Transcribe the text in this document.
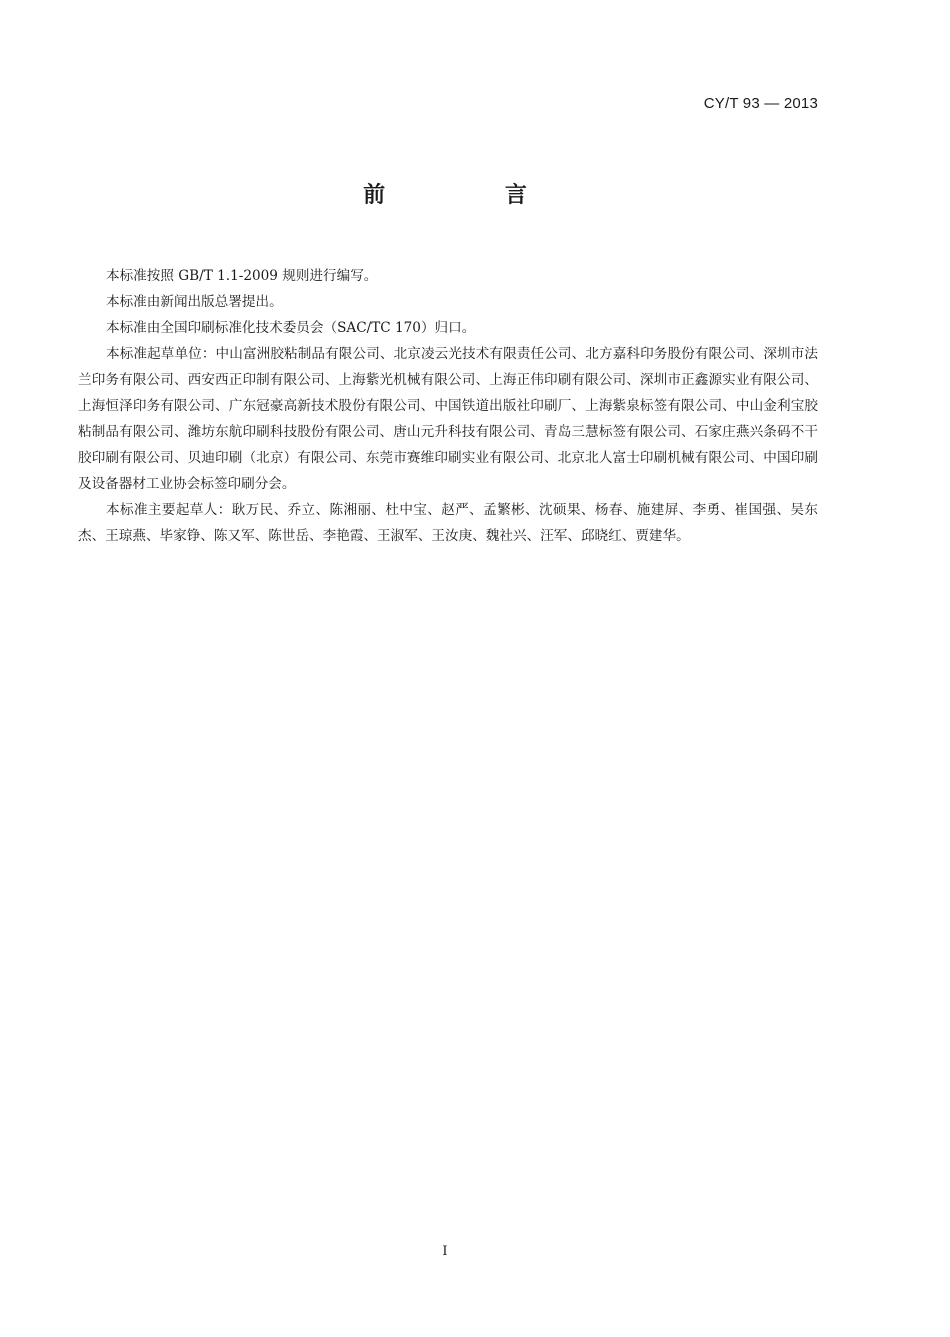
CY/T 93 — 2013
前 言

本标准按照 GB/T 1.1-2009 规则进行编写。

本标准由新闻出版总署提出。

本标准由全国印刷标准化技术委员会（SAC/TC 170）归口。

本标准起草单位：中山富洲胶粘制品有限公司、北京凌云光技术有限责任公司、北方嘉科印务股份有限公司、深圳市法兰印务有限公司、西安西正印制有限公司、上海紫光机械有限公司、上海正伟印刷有限公司、深圳市正鑫源实业有限公司、上海恒泽印务有限公司、广东冠豪高新技术股份有限公司、中国铁道出版社印刷厂、上海紫泉标签有限公司、中山金利宝胶粘制品有限公司、潍坊东航印刷科技股份有限公司、唐山元升科技有限公司、青岛三慧标签有限公司、石家庄燕兴条码不干胶印刷有限公司、贝迪印刷（北京）有限公司、东莞市赛维印刷实业有限公司、北京北人富士印刷机械有限公司、中国印刷及设备器材工业协会标签印刷分会。

本标准主要起草人：耿万民、乔立、陈湘丽、杜中宝、赵严、孟繁彬、沈硕果、杨春、施建屏、李勇、崔国强、吴东杰、王琼燕、毕家铮、陈又军、陈世岳、李艳霞、王淑军、王汝庚、魏社兴、汪军、邱晓红、贾建华。

I
